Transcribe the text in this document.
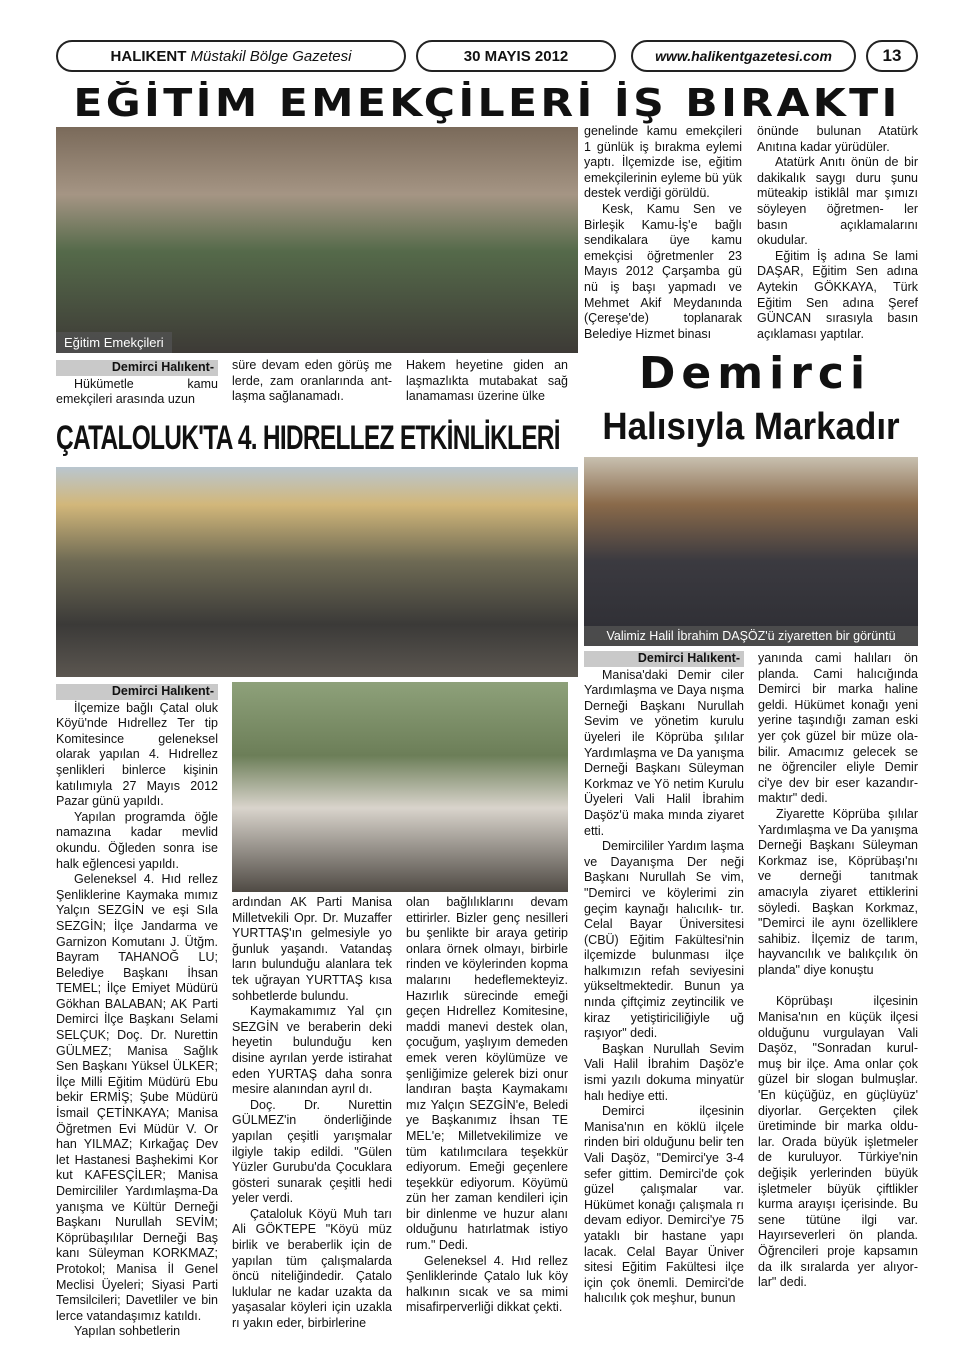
HALIKENT
Müstakil Bölge Gazetesi	30 MAYIS 2012	www.halikentgazetesi.com	13
EĞİTİM EMEKÇİLERİ İŞ BIRAKTI
Eğitim Emekçileri
Demirci Halıkent-

Hükümetle kamu emekçileri arasında uzun

süre devam eden görüş me lerde, zam oranlarında ant- laşma sağlanamadı.

Hakem heyetine giden an laşmazlıkta mutabakat sağ lanamaması üzerine ülke

genelinde kamu emekçileri 1 günlük iş bırakma eylemi yaptı. İlçemizde ise, eğitim emekçilerinin eyleme bü yük destek verdiği görüldü.

Kesk, Kamu Sen ve Birleşik Kamu-İş'e bağlı sendikalara üye kamu emekçisi öğretmenler 23 Mayıs 2012 Çarşamba gü nü iş başı yapmadı ve Mehmet Akif Meydanında (Çereşe'de) toplanarak Belediye Hizmet binası

önünde bulunan Atatürk Anıtına kadar yürüdüler.

Atatürk Anıtı önün de bir dakikalık saygı duru şunu müteakip istiklâl mar şımızı söyleyen öğretmen- ler basın açıklamalarını okudular.

Eğitim İş adına Se lami DAŞAR, Eğitim Sen adına Aytekin GÖKKAYA, Türk Eğitim Sen adına Şeref GÜNCAN sırasıyla basın açıklaması yaptılar.

ÇATALOLUK'TA 4. HIDRELLEZ ETKİNLİKLERİ
Demirci Halıkent-

İlçemize bağlı Çatal oluk Köyü'nde Hıdrellez Ter tip Komitesince geleneksel olarak yapılan 4. Hıdrellez şenlikleri binlerce kişinin katılımıyla 27 Mayıs 2012 Pazar günü yapıldı.

Yapılan programda öğle namazına kadar mevlid okundu. Öğleden sonra ise halk eğlencesi yapıldı.

Geleneksel 4. Hıd rellez Şenliklerine Kaymaka mımız Yalçın SEZGİN ve eşi Sıla SEZGİN; İlçe Jandarma ve Garnizon Komutanı J. Ütğm. Bayram TAHANOĞ LU; Belediye Başkanı İhsan TEMEL; İlçe Emiyet Müdürü Gökhan BALABAN; AK Parti Demirci İlçe Başkanı Selami SELÇUK; Doç. Dr. Nurettin GÜLMEZ; Manisa Sağlık Sen Başkanı Yüksel ÜLKER; İlçe Milli Eğitim Müdürü Ebu bekir ERMİŞ; Şube Müdürü İsmail ÇETİNKAYA; Manisa Öğretmen Evi Müdür V. Or han YILMAZ; Kırkağaç Dev let Hastanesi Başhekimi Kor kut KAFESÇİLER; Manisa Demircililer Yardımlaşma-Da yanışma ve Kültür Derneği Başkanı Nurullah SEVİM; Köprübaşılılar Derneği Baş kanı Süleyman KORKMAZ; Protokol; Manisa İl Genel Meclisi Üyeleri; Siyasi Parti Temsilcileri; Davetliler ve bin lerce vatandaşımız katıldı.

Yapılan sohbetlerin

ardından AK Parti Manisa Milletvekili Opr. Dr. Muzaffer YURTTAŞ'ın gelmesiyle yo ğunluk yaşandı. Vatandaş ların bulunduğu alanlara tek tek uğrayan YURTTAŞ kısa sohbetlerde bulundu.

Kaymakamımız Yal çın SEZGİN ve beraberin deki heyetin bulunduğu ken disine ayrılan yerde istirahat eden YURTAŞ daha sonra mesire alanından ayrıl dı.

Doç. Dr. Nurettin GÜLMEZ'in önderliğinde yapılan çeşitli yarışmalar ilgiyle takip edildi. "Gülen Yüzler Gurubu'da Çocuklara gösteri sunarak çeşitli hedi yeler verdi.

Çataloluk Köyü Muh tarı Ali GÖKTEPE "Köyü müz birlik ve beraberlik için de yapılan tüm çalışmalarda öncü niteliğindedir. Çatalo luklular ne kadar uzakta da yaşasalar köyleri için uzakla rı yakın eder, birbirlerine

olan bağlılıklarını devam ettirirler. Bizler genç nesilleri bu şenlikte bir araya getirip onlara örnek olmayı, birbirle rinden ve köylerinden kopma malarını hedeflemekteyiz. Hazırlık sürecinde emeği geçen Hıdrellez Komitesine, maddi manevi destek olan, çocuğum, yaşlıyım demeden emek veren köylümüze ve şenliğimize gelerek bizi onur landıran başta Kaymakamı mız Yalçın SEZGİN'e, Beledi ye Başkanımız İhsan TE MEL'e; Milletvekilimize ve tüm katılımcılara teşekkür ediyorum. Emeği geçenlere teşekkür ediyorum. Köyümü zün her zaman kendileri için bir dinlenme ve huzur alanı olduğunu hatırlatmak istiyo rum." Dedi.

Geleneksel 4. Hıd rellez Şenliklerinde Çatalo luk köy halkının sıcak ve sa mimi misafirperverliği dikkat çekti.

Demirci
Halısıyla Markadır
Valimiz Halil İbrahim DAŞÖZ'ü ziyaretten bir görüntü
Demirci Halıkent-

Manisa'daki Demir ciler Yardımlaşma ve Daya nışma Derneği Başkanı Nurullah Sevim ve yönetim kurulu üyeleri ile Köprüba şılılar Yardımlaşma ve Da yanışma Derneği Başkanı Süleyman Korkmaz ve Yö netim Kurulu Üyeleri Vali Halil İbrahim Daşöz'ü maka mında ziyaret etti.

Demircililer Yardım laşma ve Dayanışma Der neği Başkanı Nurullah Se vim, "Demirci ve köylerimi zin geçim kaynağı halıcılık- tır. Celal Bayar Üniversitesi (CBÜ) Eğitim Fakültesi'nin ilçemizde bulunması ilçe halkımızın refah seviyesini yükseltmektedir. Bunun ya nında çiftçimiz zeytincilik ve kiraz yetiştiriciliğiyle uğ raşıyor" dedi.

Başkan Nurullah Sevim Vali Halil İbrahim Daşöz'e ismi yazılı dokuma minyatür halı hediye etti.

Demirci ilçesinin Manisa'nın en köklü ilçele rinden biri olduğunu belir ten Vali Daşöz, "Demirci'ye 3-4 sefer gittim. Demirci'de çok güzel çalışmalar var. Hükümet konağı çalışmala rı devam ediyor. Demirci'ye 75 yataklı bir hastane yapı lacak. Celal Bayar Üniver sitesi Eğitim Fakültesi ilçe için çok önemli. Demirci'de halıcılık çok meşhur, bunun

yanında cami halıları ön planda. Cami halıcığında Demirci bir marka haline geldi. Hükümet konağı yeni yerine taşındığı zaman eski yer çok güzel bir müze ola- bilir. Amacımız gelecek se ne öğrenciler eliyle Demir ci'ye dev bir eser kazandır- maktır" dedi.

Ziyarette Köprüba şılılar Yardımlaşma ve Da yanışma Derneği Başkanı Süleyman Korkmaz ise, Köprübaşı'nı ve derneği tanıtmak amacıyla ziyaret ettiklerini söyledi. Başkan Korkmaz, "Demirci ile aynı özelliklere sahibiz. İlçemiz de tarım, hayvancılık ve balıkçılık ön planda" diye konuştu

Köprübaşı ilçesinin Manisa'nın en küçük ilçesi olduğunu vurgulayan Vali Daşöz, "Sonradan kurul- muş bir ilçe. Ama onlar çok güzel bir slogan bulmuşlar. 'En küçüğüz, en güçlüyüz' diyorlar. Gerçekten çilek üretiminde bir marka oldu- lar. Orada büyük işletmeler de kuruluyor. Türkiye'nin değişik yerlerinden büyük işletmeler büyük çiftlikler kurma arayışı içerisinde. Bu sene tütüne ilgi var. Hayırseverleri ön planda. Öğrencileri proje kapsamın da ilk sıralarda yer alıyor- lar" dedi.
